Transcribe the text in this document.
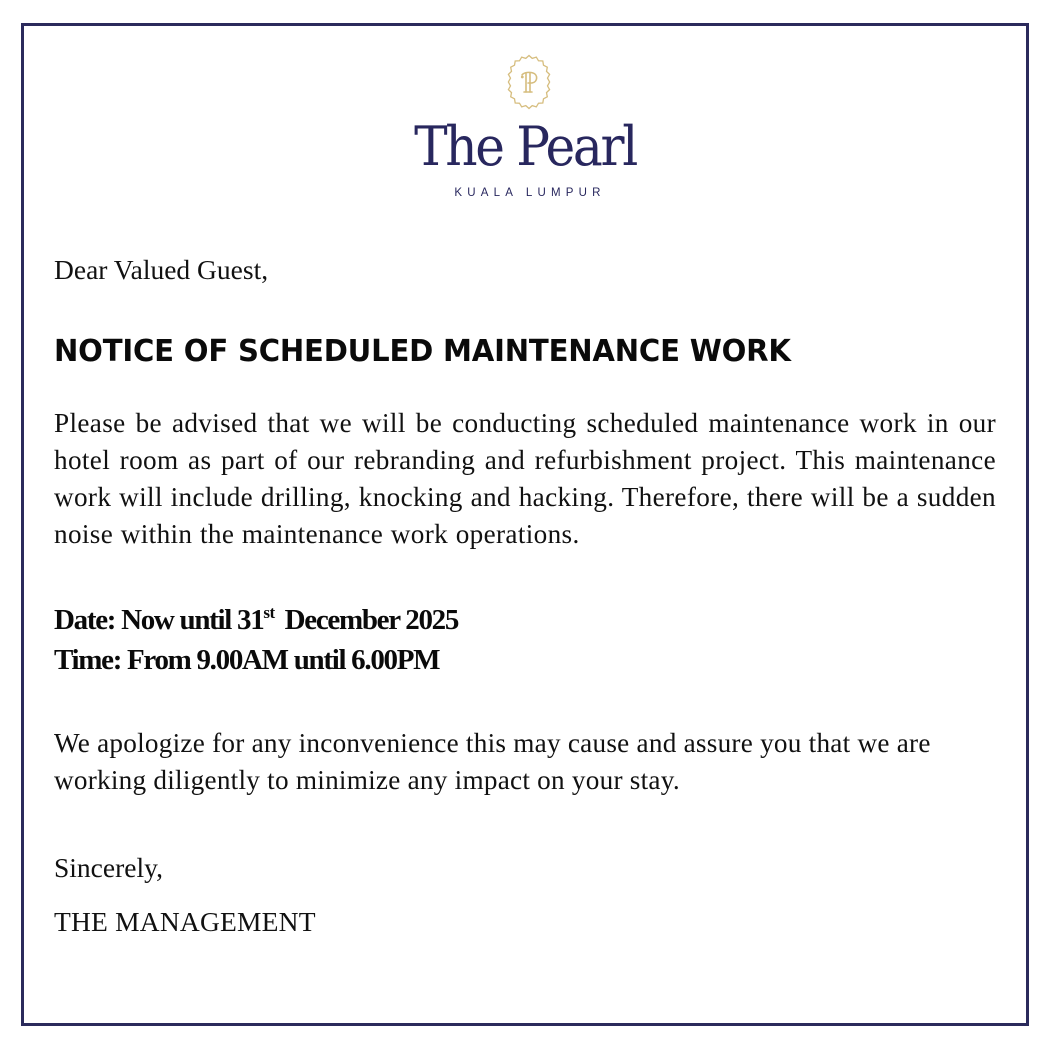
The Pearl
KUALA LUMPUR
Dear Valued Guest,
NOTICE OF SCHEDULED MAINTENANCE WORK
Please be advised that we will be conducting scheduled maintenance work in our hotel room as part of our rebranding and refurbishment project. This maintenance work will include drilling, knocking and hacking. Therefore, there will be a sudden noise within the maintenance work operations.
Date: Now until 31st December 2025
Time: From 9.00AM until 6.00PM
We apologize for any inconvenience this may cause and assure you that we are working diligently to minimize any impact on your stay.
Sincerely,
THE MANAGEMENT
